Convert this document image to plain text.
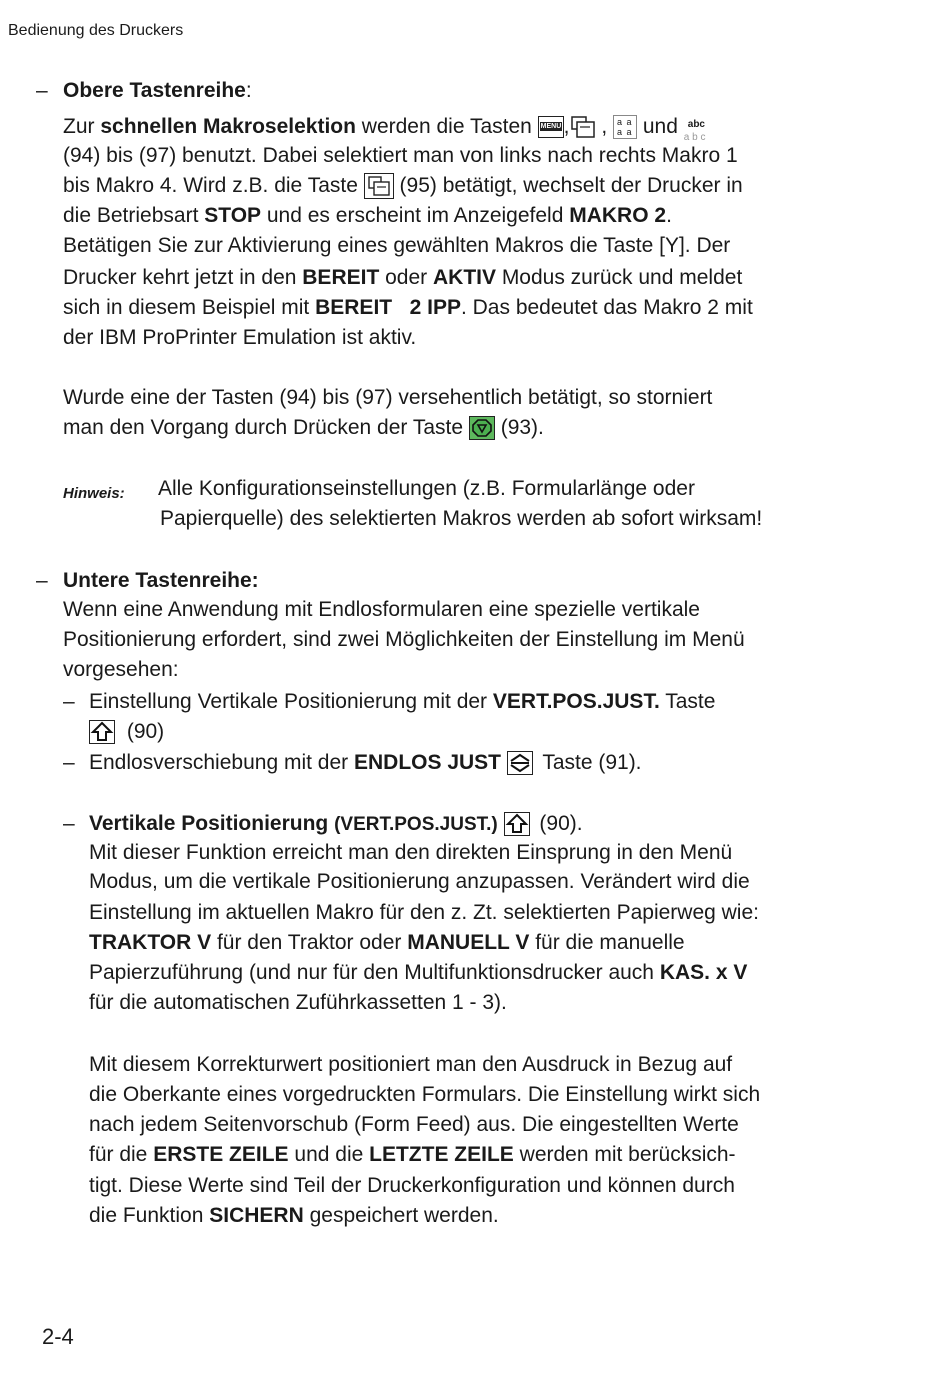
Bedienung des Druckers
– Obere Tastenreihe:
Zur schnellen Makroselektion werden die Tasten MENU , , a a a a und abc
a b c
(94) bis (97) benutzt. Dabei selektiert man von links nach rechts Makro 1
bis Makro 4. Wird z.B. die Taste
(95) betätigt, wechselt der Drucker in
die Betriebsart STOP und es erscheint im Anzeigefeld MAKRO 2.
Betätigen Sie zur Aktivierung eines gewählten Makros die Taste [Y]. Der
Drucker kehrt jetzt in den BEREIT oder AKTIV Modus zurück und meldet
sich in diesem Beispiel mit BEREIT   2 IPP. Das bedeutet das Makro 2 mit
der IBM ProPrinter Emulation ist aktiv.
Wurde eine der Tasten (94) bis (97) versehentlich betätigt, so storniert
man den Vorgang durch Drücken der Taste
(93).
Hinweis: Alle Konfigurationseinstellungen (z.B. Formularlänge oder
Papierquelle) des selektierten Makros werden ab sofort wirksam!
– Untere Tastenreihe:
Wenn eine Anwendung mit Endlosformularen eine spezielle vertikale
Positionierung erfordert, sind zwei Möglichkeiten der Einstellung im Menü
vorgesehen:
– Einstellung Vertikale Positionierung mit der VERT.POS.JUST. Taste
(90)
– Endlosverschiebung mit der ENDLOS JUST
Taste (91).
– Vertikale Positionierung (VERT.POS.JUST.)
(90).
Mit dieser Funktion erreicht man den direkten Einsprung in den Menü
Modus, um die vertikale Positionierung anzupassen. Verändert wird die
Einstellung im aktuellen Makro für den z. Zt. selektierten Papierweg wie:
TRAKTOR V für den Traktor oder MANUELL V für die manuelle
Papierzuführung (und nur für den Multifunktionsdrucker auch KAS. x V
für die automatischen Zuführkassetten 1 - 3).
Mit diesem Korrekturwert positioniert man den Ausdruck in Bezug auf
die Oberkante eines vorgedruckten Formulars. Die Einstellung wirkt sich
nach jedem Seitenvorschub (Form Feed) aus. Die eingestellten Werte
für die ERSTE ZEILE und die LETZTE ZEILE werden mit berücksich-
tigt. Diese Werte sind Teil der Druckerkonfiguration und können durch
die Funktion SICHERN gespeichert werden.
2-4
